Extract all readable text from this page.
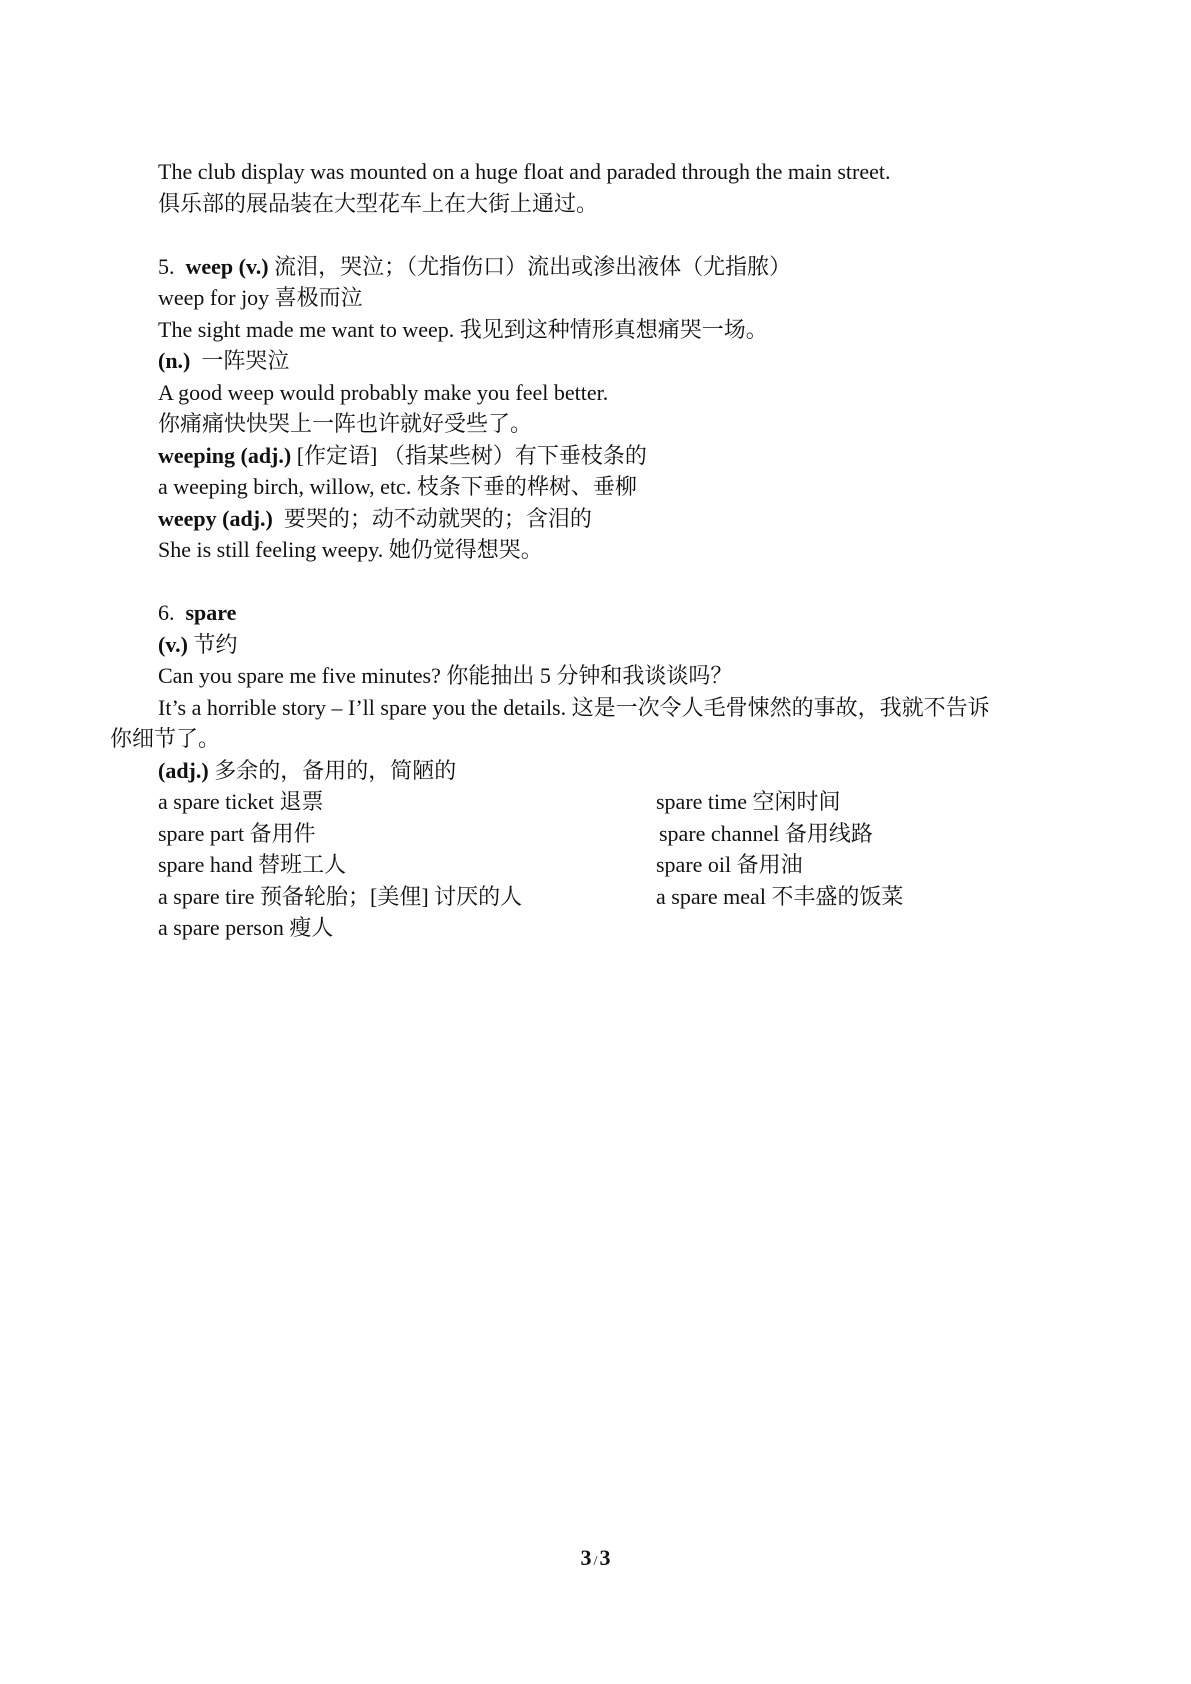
The club display was mounted on a huge float and paraded through the main street.
俱乐部的展品装在大型花车上在大街上通过。
5. weep (v.) 流泪，哭泣；（尤指伤口）流出或渗出液体（尤指脓）
weep for joy 喜极而泣
The sight made me want to weep. 我见到这种情形真想痛哭一场。
(n.) 一阵哭泣
A good weep would probably make you feel better.
你痛痛快快哭上一阵也许就好受些了。
weeping (adj.) [作定语] （指某些树）有下垂枝条的
a weeping birch, willow, etc. 枝条下垂的桦树、垂柳
weepy (adj.) 要哭的；动不动就哭的；含泪的
She is still feeling weepy. 她仍觉得想哭。
6. spare
(v.) 节约
Can you spare me five minutes? 你能抽出 5 分钟和我谈谈吗？
It’s a horrible story – I’ll spare you the details. 这是一次令人毛骨悚然的事故，我就不告诉
你细节了。
(adj.) 多余的，备用的，简陋的
a spare ticket 退票	spare time 空闲时间
spare part 备用件	spare channel 备用线路
spare hand 替班工人	spare oil 备用油
a spare tire 预备轮胎；[美俚] 讨厌的人	a spare meal 不丰盛的饭菜
a spare person 瘦人
3 /3
